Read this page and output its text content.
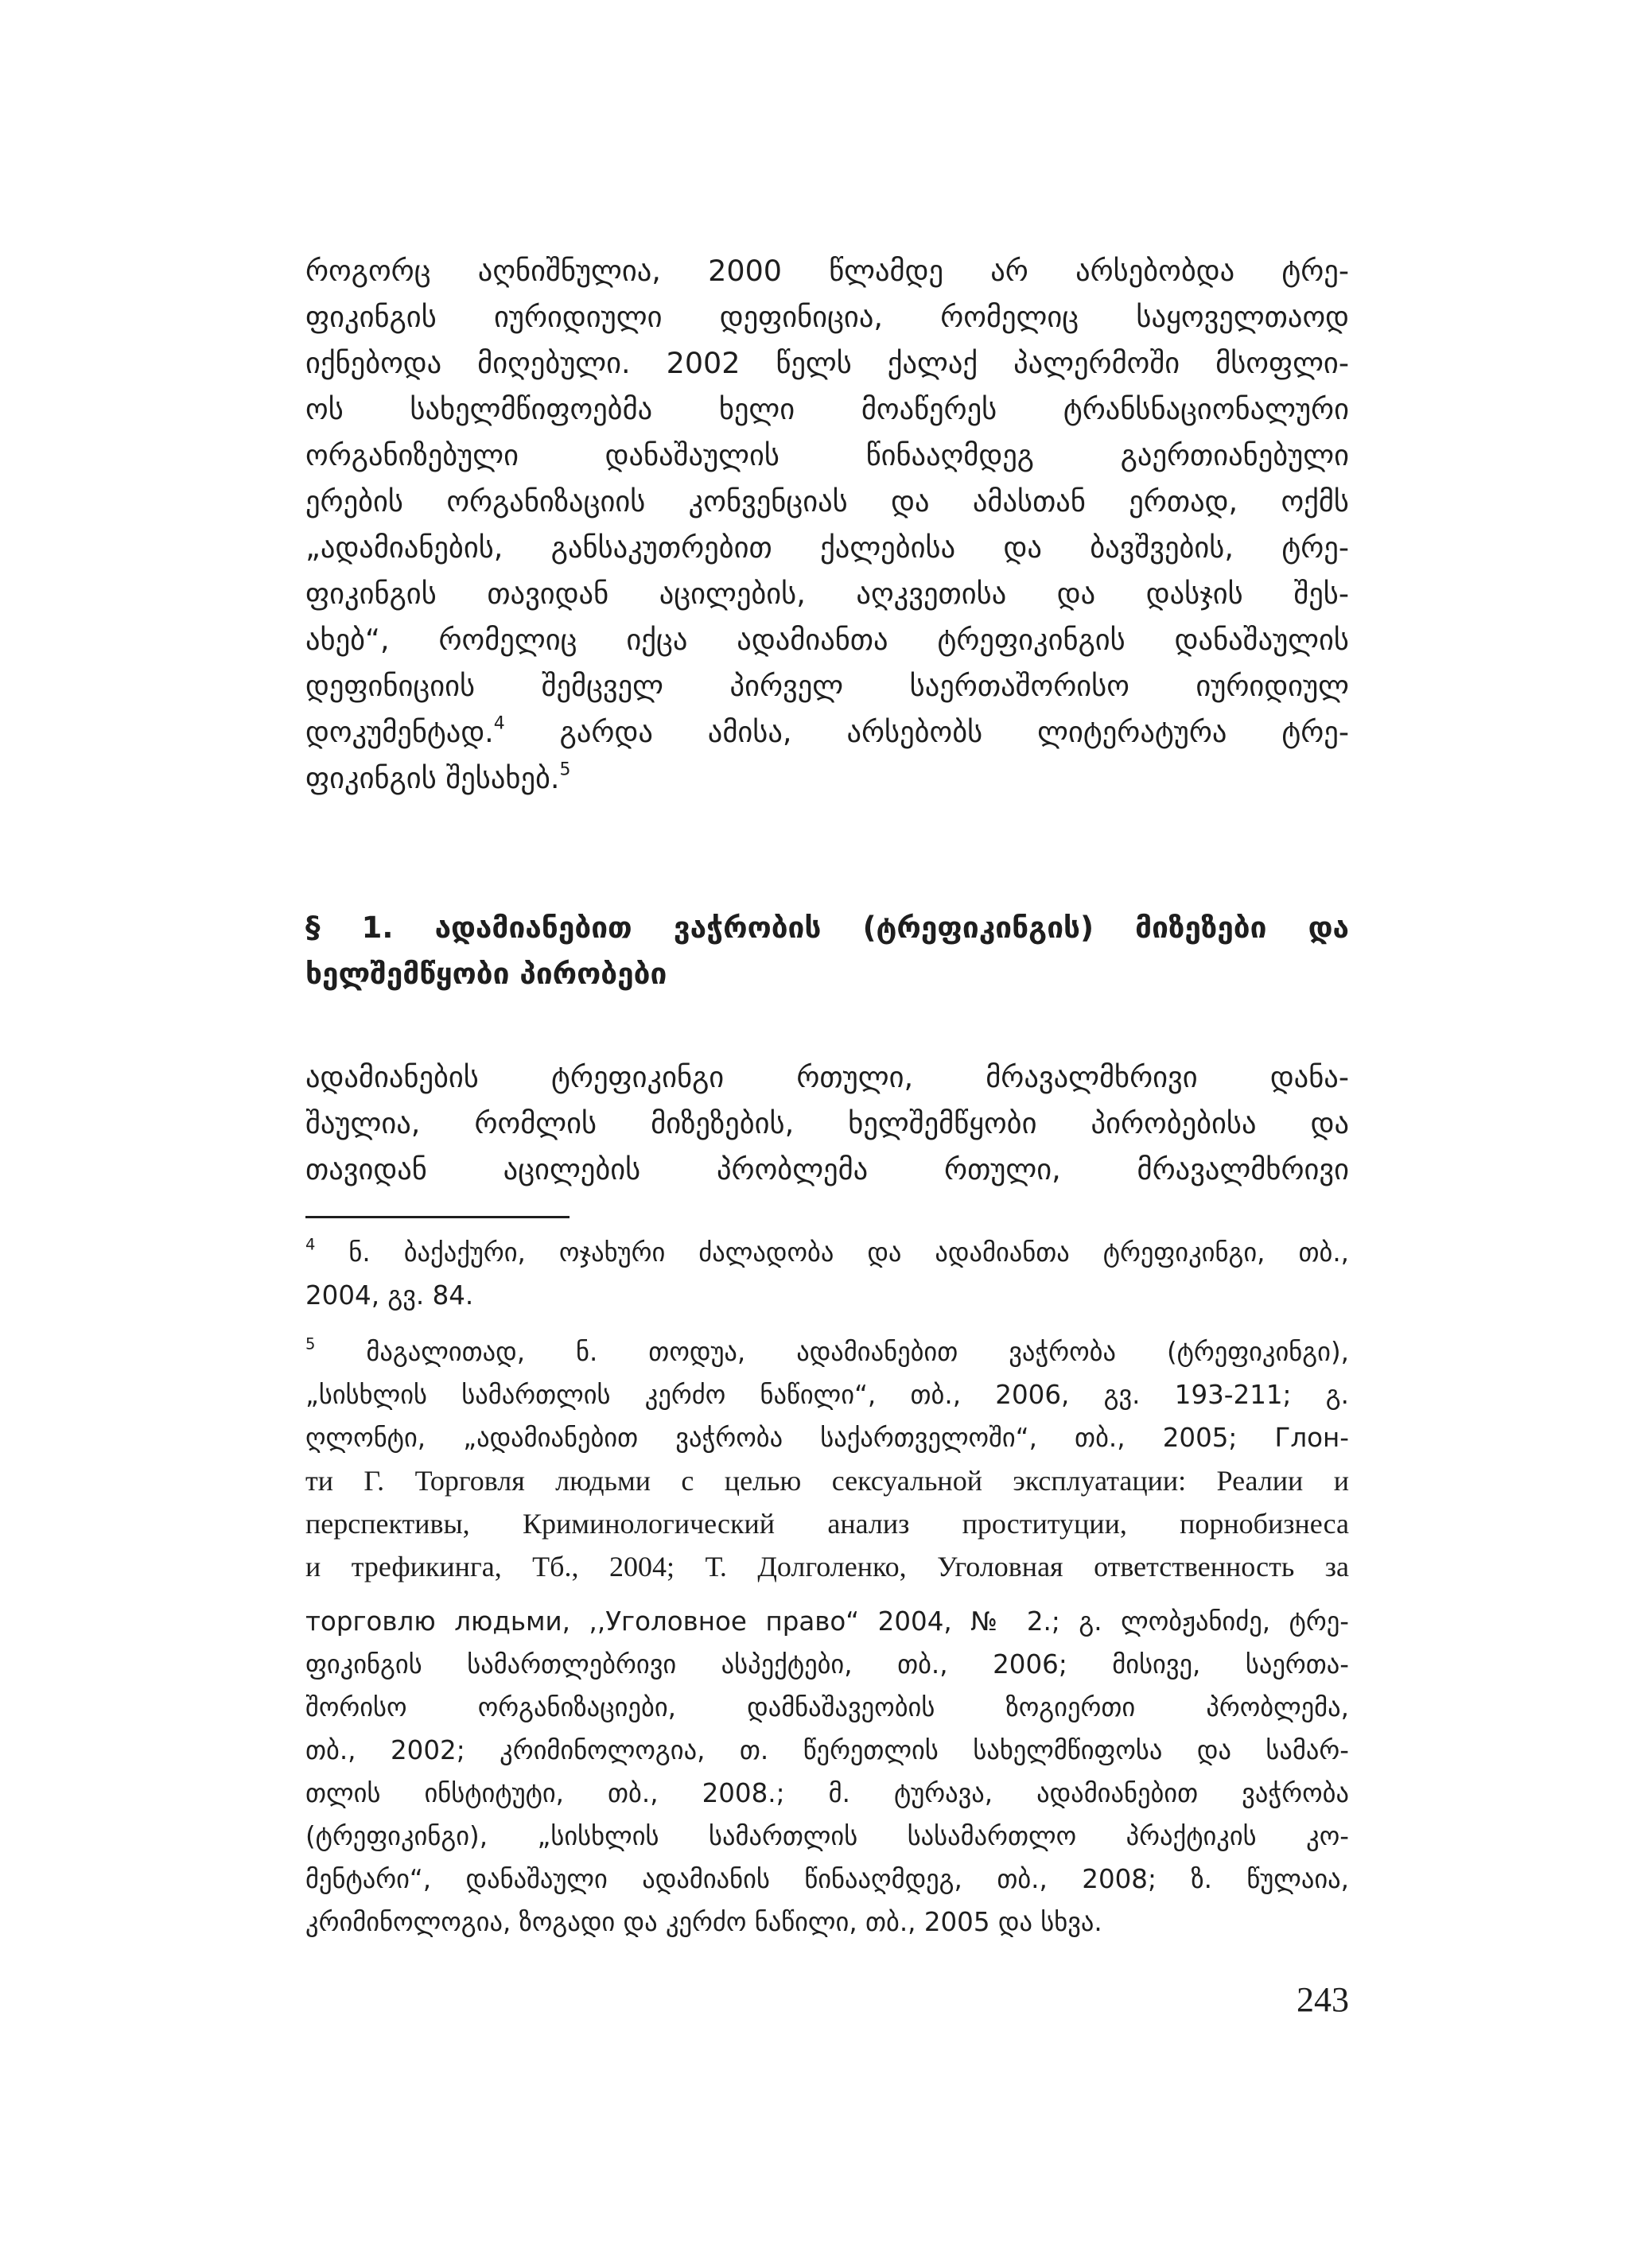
როგორც აღნიშნულია, 2000 წლამდე არ არსებობდა ტრე-
ფიკინგის იურიდიული დეფინიცია, რომელიც საყოველთაოდ
იქნებოდა მიღებული. 2002 წელს ქალაქ პალერმოში მსოფლი-
ოს სახელმწიფოებმა ხელი მოაწერეს ტრანსნაციონალური
ორგანიზებული დანაშაულის წინააღმდეგ გაერთიანებული
ერების ორგანიზაციის კონვენციას და ამასთან ერთად, ოქმს
„ადამიანების, განსაკუთრებით ქალებისა და ბავშვების, ტრე-
ფიკინგის თავიდან აცილების, აღკვეთისა და დასჯის შეს-
ახებ“, რომელიც იქცა ადამიანთა ტრეფიკინგის დანაშაულის
დეფინიციის შემცველ პირველ საერთაშორისო იურიდიულ
დოკუმენტად.$^4$ გარდა ამისა, არსებობს ლიტერატურა ტრე-
ფიკინგის შესახებ.$^5$
§ 1. ადამიანებით ვაჭრობის (ტრეფიკინგის) მიზეზები და
ხელშემწყობი პირობები
ადამიანების ტრეფიკინგი რთული, მრავალმხრივი დანა-
შაულია, რომლის მიზეზების, ხელშემწყობი პირობებისა და
თავიდან აცილების პრობლემა რთული, მრავალმხრივი
$^4$ ნ. ბაქაქური, ოჯახური ძალადობა და ადამიანთა ტრეფიკინგი, თბ.,
2004, გვ. 84.
$^5$ მაგალითად, ნ. თოდუა, ადამიანებით ვაჭრობა (ტრეფიკინგი),
„სისხლის სამართლის კერძო ნაწილი“, თბ., 2006, გვ. 193-211; გ.
ღლონტი, „ადამიანებით ვაჭრობა საქართველოში“, თბ., 2005; Глон-
ти Г. Торговля людьми с целью сексуальной эксплуатации: Реалии и
перспективы, Криминологический анализ проституции, порнобизнеса
и трефикинга, Тб., 2004; Т. Долголенко, Уголовная ответственность за
торговлю людьми, ,,Уголовное право“ 2004, № 2.; გ. ლობჟანიძე, ტრე-
ფიკინგის სამართლებრივი ასპექტები, თბ., 2006; მისივე, საერთა-
შორისო ორგანიზაციები, დამნაშავეობის ზოგიერთი პრობლემა,
თბ., 2002; კრიმინოლოგია, თ. წერეთლის სახელმწიფოსა და სამარ-
თლის ინსტიტუტი, თბ., 2008.; მ. ტურავა, ადამიანებით ვაჭრობა
(ტრეფიკინგი), „სისხლის სამართლის სასამართლო პრაქტიკის კო-
მენტარი“, დანაშაული ადამიანის წინააღმდეგ, თბ., 2008; ზ. წულაია,
კრიმინოლოგია, ზოგადი და კერძო ნაწილი, თბ., 2005 და სხვა.
243
